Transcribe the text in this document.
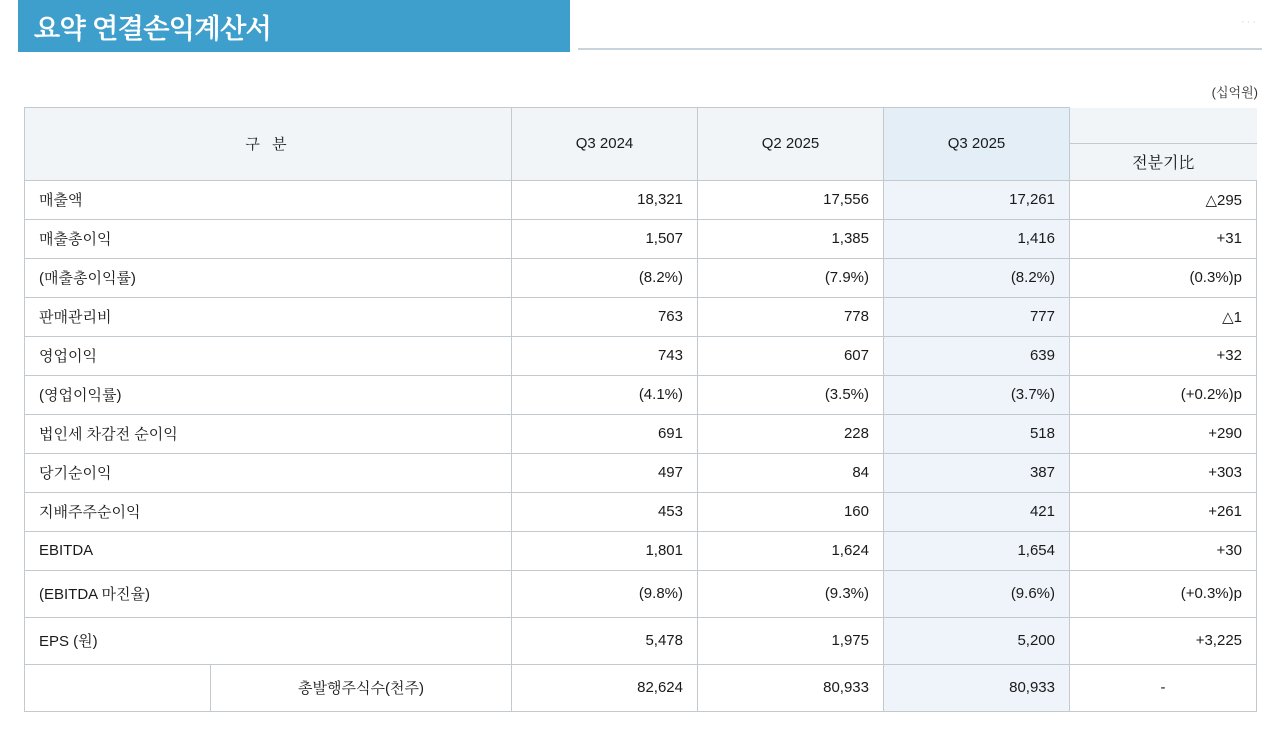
요약 연결손익계산서	···
(십억원)
구 분	Q3 2024	Q2 2025	Q3 2025	전분기比

매출액	18,321	17,556	17,261	△295
매출총이익	1,507	1,385	1,416	+31
(매출총이익률)	(8.2%)	(7.9%)	(8.2%)	(0.3%)p
판매관리비	763	778	777	△1
영업이익	743	607	639	+32
(영업이익률)	(4.1%)	(3.5%)	(3.7%)	(+0.2%)p
법인세 차감전 순이익	691	228	518	+290
당기순이익	497	84	387	+303
지배주주순이익	453	160	421	+261
EBITDA	1,801	1,624	1,654	+30
(EBITDA 마진율)	(9.8%)	(9.3%)	(9.6%)	(+0.3%)p
EPS (원)	5,478	1,975	5,200	+3,225

총발행주식수(천주)	82,624	80,933	80,933	-
